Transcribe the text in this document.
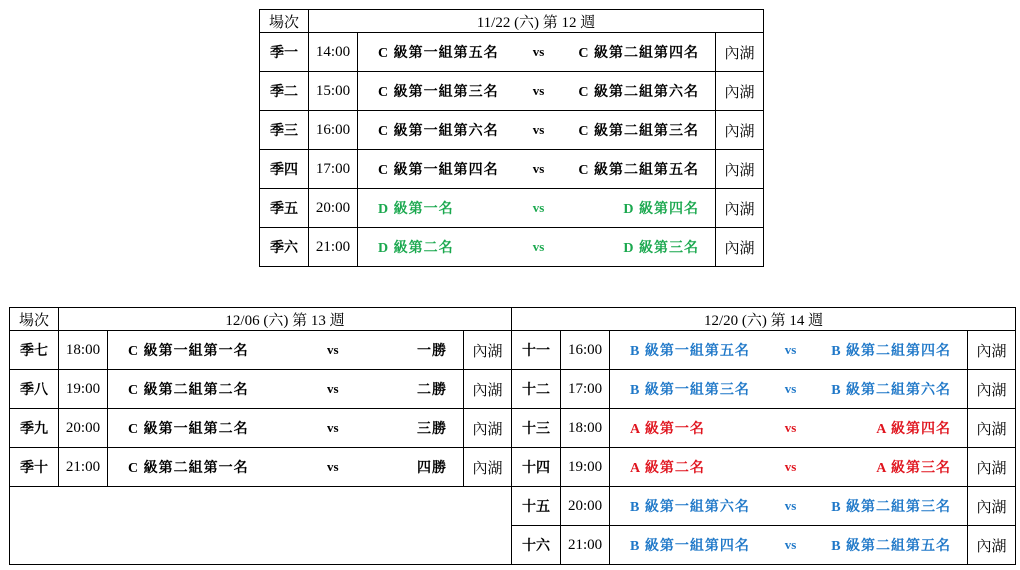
場次	11/22 (六) 第 12 週		
季一	14:00	C 級第一組第五名 vs C 級第二組第四名	內湖
季二	15:00	C 級第一組第三名 vs C 級第二組第六名	內湖
季三	16:00	C 級第一組第六名 vs C 級第二組第三名	內湖
季四	17:00	C 級第一組第四名 vs C 級第二組第五名	內湖
季五	20:00	D 級第一名 vs D 級第四名	內湖
季六	21:00	D 級第二名 vs D 級第三名	內湖
場次	12/06 (六) 第 13 週			12/20 (六) 第 14 週			
季七	18:00	C 級第一組第一名 vs 一勝	內湖	十一	16:00	B 級第一組第五名 vs B 級第二組第四名	內湖
季八	19:00	C 級第二組第二名 vs 二勝	內湖	十二	17:00	B 級第一組第三名 vs B 級第二組第六名	內湖
季九	20:00	C 級第一組第二名 vs 三勝	內湖	十三	18:00	A 級第一名 vs A 級第四名	內湖
季十	21:00	C 級第二組第一名 vs 四勝	內湖	十四	19:00	A 級第二名 vs A 級第三名	內湖
				十五	20:00	B 級第一組第六名 vs B 級第二組第三名	內湖
				十六	21:00	B 級第一組第四名 vs B 級第二組第五名	內湖
